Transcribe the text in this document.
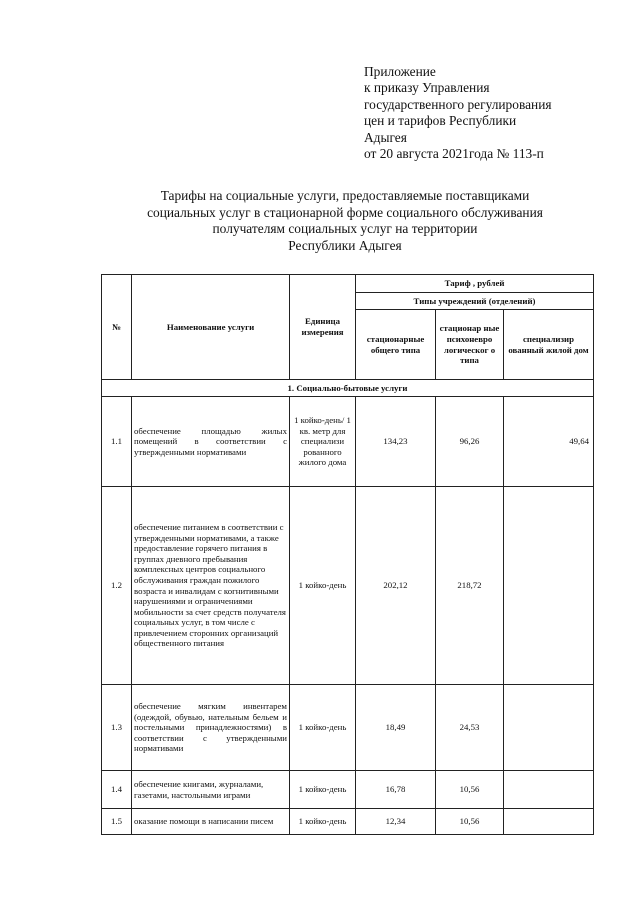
Приложение
к приказу Управления
государственного регулирования
цен и тарифов Республики
Адыгея
от 20 августа 2021года № 113-п
Тарифы на социальные услуги, предоставляемые поставщиками
социальных услуг в стационарной форме социального обслуживания
получателям социальных услуг на территории
Республики Адыгея
№	Наименование услуги	Единица измерения	Тариф , рублей		
			Типы учреждений (отделений)		
			стационарные общего типа	стационар ные психоневро логическог о типа	специализир ованный жилой дом
1. Социально-бытовые услуги					
1.1	обеспечение площадью жилых помещений в соответствии с утвержденными нормативами	1 койко-день/ 1 кв. метр для специализи рованного жилого дома	134,23	96,26	49,64
1.2	обеспечение питанием в соответствии с утвержденными нормативами, а также предоставление горячего питания в группах дневного пребывания комплексных центров социального обслуживания граждан пожилого возраста и инвалидам с когнитивными нарушениями и ограничениями мобильности за счет средств получателя социальных услуг, в том числе с привлечением сторонних организаций общественного питания	1 койко-день	202,12	218,72	
1.3	обеспечение мягким инвентарем (одеждой, обувью, нательным бельем и постельными принадлежностями) в соответствии с утвержденными нормативами	1 койко-день	18,49	24,53	
1.4	обеспечение книгами, журналами, газетами, настольными играми	1 койко-день	16,78	10,56	
1.5	оказание помощи в написании писем	1 койко-день	12,34	10,56	
